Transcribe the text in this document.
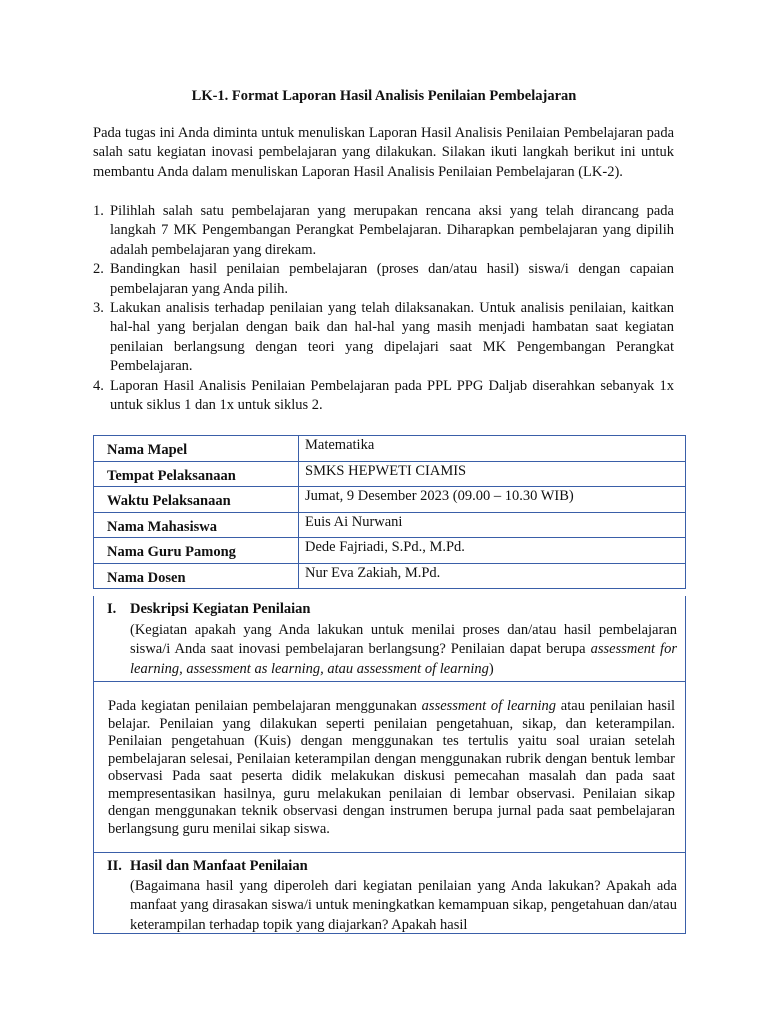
LK-1. Format Laporan Hasil Analisis Penilaian Pembelajaran

Pada tugas ini Anda diminta untuk menuliskan Laporan Hasil Analisis Penilaian Pembelajaran pada salah satu kegiatan inovasi pembelajaran yang dilakukan. Silakan ikuti langkah berikut ini untuk membantu Anda dalam menuliskan Laporan Hasil Analisis Penilaian Pembelajaran (LK-2).

1. Pilihlah salah satu pembelajaran yang merupakan rencana aksi yang telah dirancang pada langkah 7 MK Pengembangan Perangkat Pembelajaran. Diharapkan pembelajaran yang dipilih adalah pembelajaran yang direkam.
2. Bandingkan hasil penilaian pembelajaran (proses dan/atau hasil) siswa/i dengan capaian pembelajaran yang Anda pilih.
3. Lakukan analisis terhadap penilaian yang telah dilaksanakan. Untuk analisis penilaian, kaitkan hal-hal yang berjalan dengan baik dan hal-hal yang masih menjadi hambatan saat kegiatan penilaian berlangsung dengan teori yang dipelajari saat MK Pengembangan Perangkat Pembelajaran.
4. Laporan Hasil Analisis Penilaian Pembelajaran pada PPL PPG Daljab diserahkan sebanyak 1x untuk siklus 1 dan 1x untuk siklus 2.
Nama Mapel	Matematika
Tempat Pelaksanaan	SMKS HEPWETI CIAMIS
Waktu Pelaksanaan	Jumat, 9 Desember 2023 (09.00 – 10.30 WIB)
Nama Mahasiswa	Euis Ai Nurwani
Nama Guru Pamong	Dede Fajriadi, S.Pd., M.Pd.
Nama Dosen	Nur Eva Zakiah, M.Pd.
I. Deskripsi Kegiatan Penilaian
(Kegiatan apakah yang Anda lakukan untuk menilai proses dan/atau hasil pembelajaran siswa/i Anda saat inovasi pembelajaran berlangsung? Penilaian dapat berupa assessment for learning, assessment as learning, atau assessment of learning)
Pada kegiatan penilaian pembelajaran menggunakan assessment of learning atau penilaian hasil belajar. Penilaian yang dilakukan seperti penilaian pengetahuan, sikap, dan keterampilan. Penilaian pengetahuan (Kuis) dengan menggunakan tes tertulis yaitu soal uraian setelah pembelajaran selesai, Penilaian keterampilan dengan menggunakan rubrik dengan bentuk lembar observasi Pada saat peserta didik melakukan diskusi pemecahan masalah dan pada saat mempresentasikan hasilnya, guru melakukan penilaian di lembar observasi. Penilaian sikap dengan menggunakan teknik observasi dengan instrumen berupa jurnal pada saat pembelajaran berlangsung guru menilai sikap siswa.
II. Hasil dan Manfaat Penilaian
(Bagaimana hasil yang diperoleh dari kegiatan penilaian yang Anda lakukan? Apakah ada manfaat yang dirasakan siswa/i untuk meningkatkan kemampuan sikap, pengetahuan dan/atau keterampilan terhadap topik yang diajarkan? Apakah hasil
